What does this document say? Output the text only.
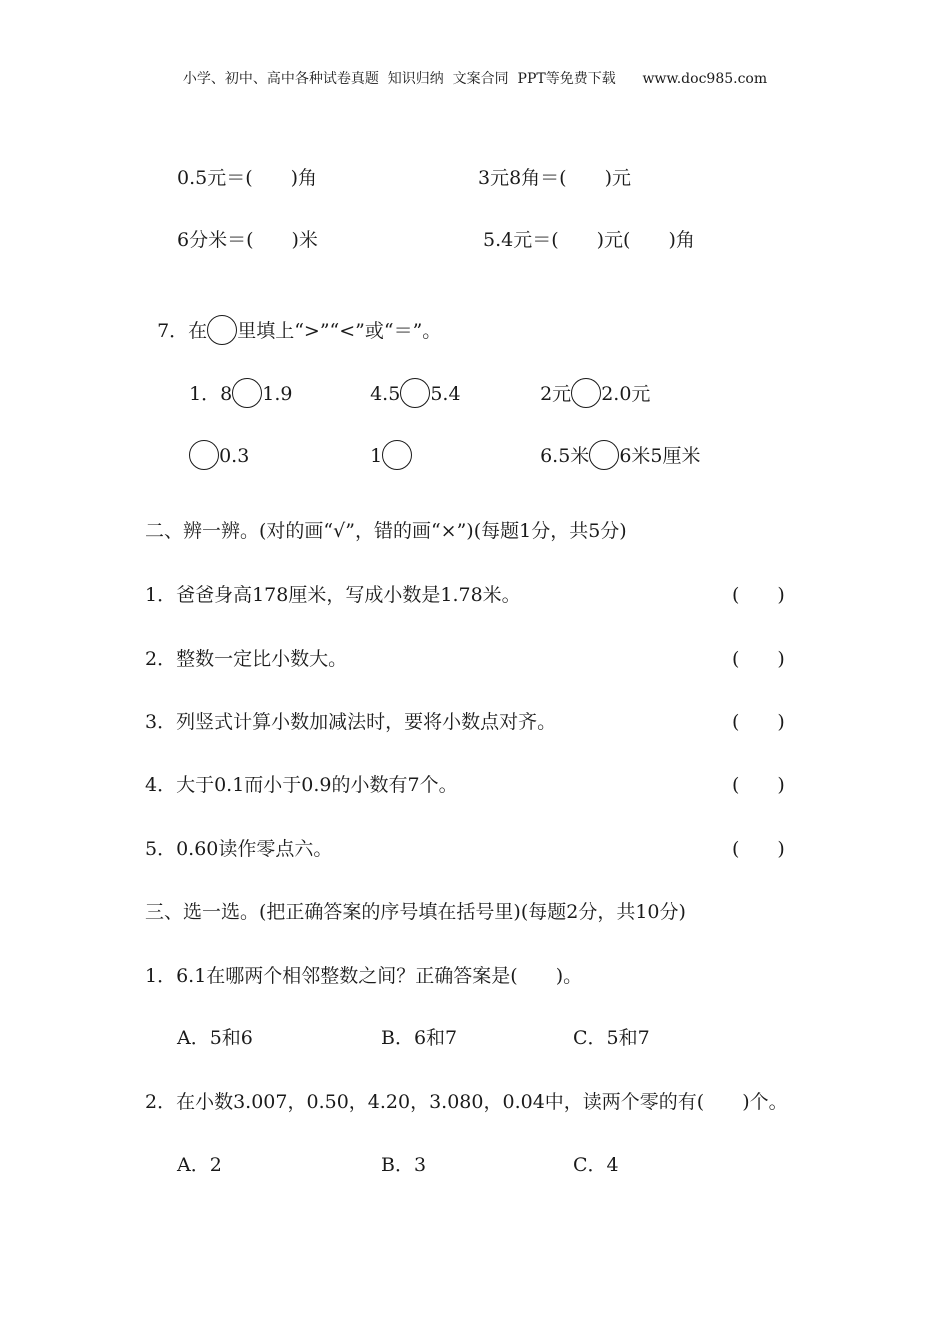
小学、初中、高中各种试卷真题  知识归纳  文案合同  PPT等免费下载      www.doc985.com
0.5元＝(　　)角	3元8角＝(　　)元
6分米＝(　　)米	5.4元＝(　　)元(　　)角

7．在 里填上“>”“<”或“＝”。

1．8 1.9	4.5 5.4	2元 2.0元

0.3	1	6.5米 6米5厘米

二、辨一辨。(对的画“√”，错的画“×”)(每题1分，共5分)
1．爸爸身高178厘米，写成小数是1.78米。	(　　)
2．整数一定比小数大。	(　　)
3．列竖式计算小数加减法时，要将小数点对齐。	(　　)
4．大于0.1而小于0.9的小数有7个。	(　　)
5．0.60读作零点六。	(　　)
三、选一选。(把正确答案的序号填在括号里)(每题2分，共10分)
1．6.1在哪两个相邻整数之间？正确答案是(　　)。
A．5和6	B．6和7	C．5和7
2．在小数3.007，0.50，4.20，3.080，0.04中，读两个零的有(　　)个。
A．2	B．3	C．4
